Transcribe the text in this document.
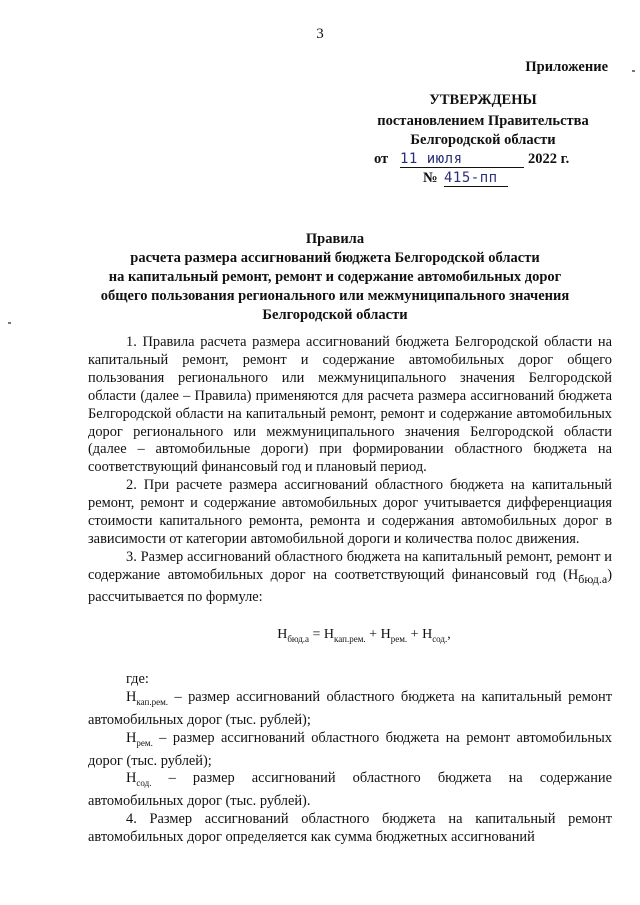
3
Приложение
УТВЕРЖДЕНЫ
постановлением Правительства
Белгородской области
от 11 июля	2022 г.
№ 415-пп
Правила
расчета размера ассигнований бюджета Белгородской области
на капитальный ремонт, ремонт и содержание автомобильных дорог
общего пользования регионального или межмуниципального значения
Белгородской области

1. Правила расчета размера ассигнований бюджета Белгородской области на капитальный ремонт, ремонт и содержание автомобильных дорог общего пользования регионального или межмуниципального значения Белгородской области (далее – Правила) применяются для расчета размера ассигнований бюджета Белгородской области на капитальный ремонт, ремонт и содержание автомобильных дорог регионального или межмуниципального значения Белгородской области (далее – автомобильные дороги) при формировании областного бюджета на соответствующий финансовый год и плановый период.

2. При расчете размера ассигнований областного бюджета на капитальный ремонт, ремонт и содержание автомобильных дорог учитывается дифференциация стоимости капитального ремонта, ремонта и содержания автомобильных дорог в зависимости от категории автомобильной дороги и количества полос движения.

3. Размер ассигнований областного бюджета на капитальный ремонт, ремонт и содержание автомобильных дорог на соответствующий финансовый год $(Н_{бюд.а})$ рассчитывается по формуле:

$Н_{бюд.а} = Н_{кап.рем.} + Н_{рем.} + Н_{сод.}$,

где:

$Н_{кап.рем.}$ – размер ассигнований областного бюджета на капитальный ремонт автомобильных дорог (тыс. рублей);

$Н_{рем.}$ – размер ассигнований областного бюджета на ремонт автомобильных дорог (тыс. рублей);

$Н_{сод.}$ – размер ассигнований областного бюджета на содержание автомобильных дорог (тыс. рублей).

4. Размер ассигнований областного бюджета на капитальный ремонт автомобильных дорог определяется как сумма бюджетных ассигнований
